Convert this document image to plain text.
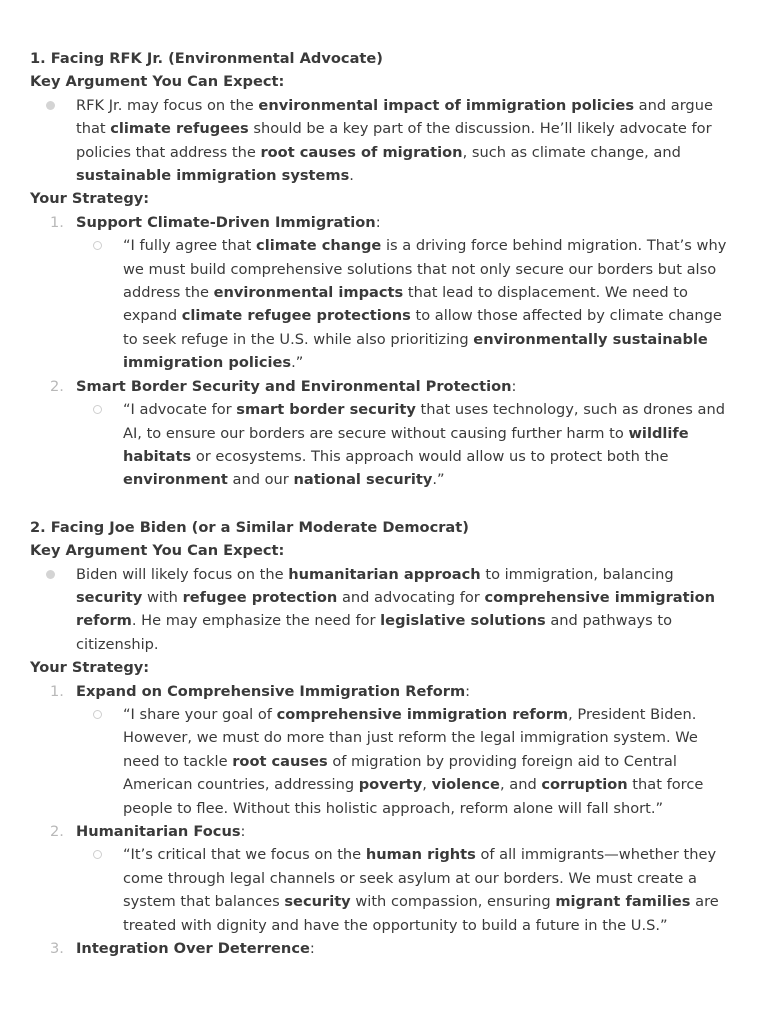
1. Facing RFK Jr. (Environmental Advocate)
Key Argument You Can Expect:
RFK Jr. may focus on the environmental impact of immigration policies and argue that climate refugees should be a key part of the discussion. He’ll likely advocate for policies that address the root causes of migration, such as climate change, and sustainable immigration systems.
Your Strategy:
1. Support Climate-Driven Immigration:
“I fully agree that climate change is a driving force behind migration. That’s why we must build comprehensive solutions that not only secure our borders but also address the environmental impacts that lead to displacement. We need to expand climate refugee protections to allow those affected by climate change to seek refuge in the U.S. while also prioritizing environmentally sustainable immigration policies.”
2. Smart Border Security and Environmental Protection:
“I advocate for smart border security that uses technology, such as drones and AI, to ensure our borders are secure without causing further harm to wildlife habitats or ecosystems. This approach would allow us to protect both the environment and our national security.”
2. Facing Joe Biden (or a Similar Moderate Democrat)
Key Argument You Can Expect:
Biden will likely focus on the humanitarian approach to immigration, balancing security with refugee protection and advocating for comprehensive immigration reform. He may emphasize the need for legislative solutions and pathways to citizenship.
Your Strategy:
1. Expand on Comprehensive Immigration Reform:
“I share your goal of comprehensive immigration reform, President Biden. However, we must do more than just reform the legal immigration system. We need to tackle root causes of migration by providing foreign aid to Central American countries, addressing poverty, violence, and corruption that force people to flee. Without this holistic approach, reform alone will fall short.”
2. Humanitarian Focus:
“It’s critical that we focus on the human rights of all immigrants—whether they come through legal channels or seek asylum at our borders. We must create a system that balances security with compassion, ensuring migrant families are treated with dignity and have the opportunity to build a future in the U.S.”
3. Integration Over Deterrence:
